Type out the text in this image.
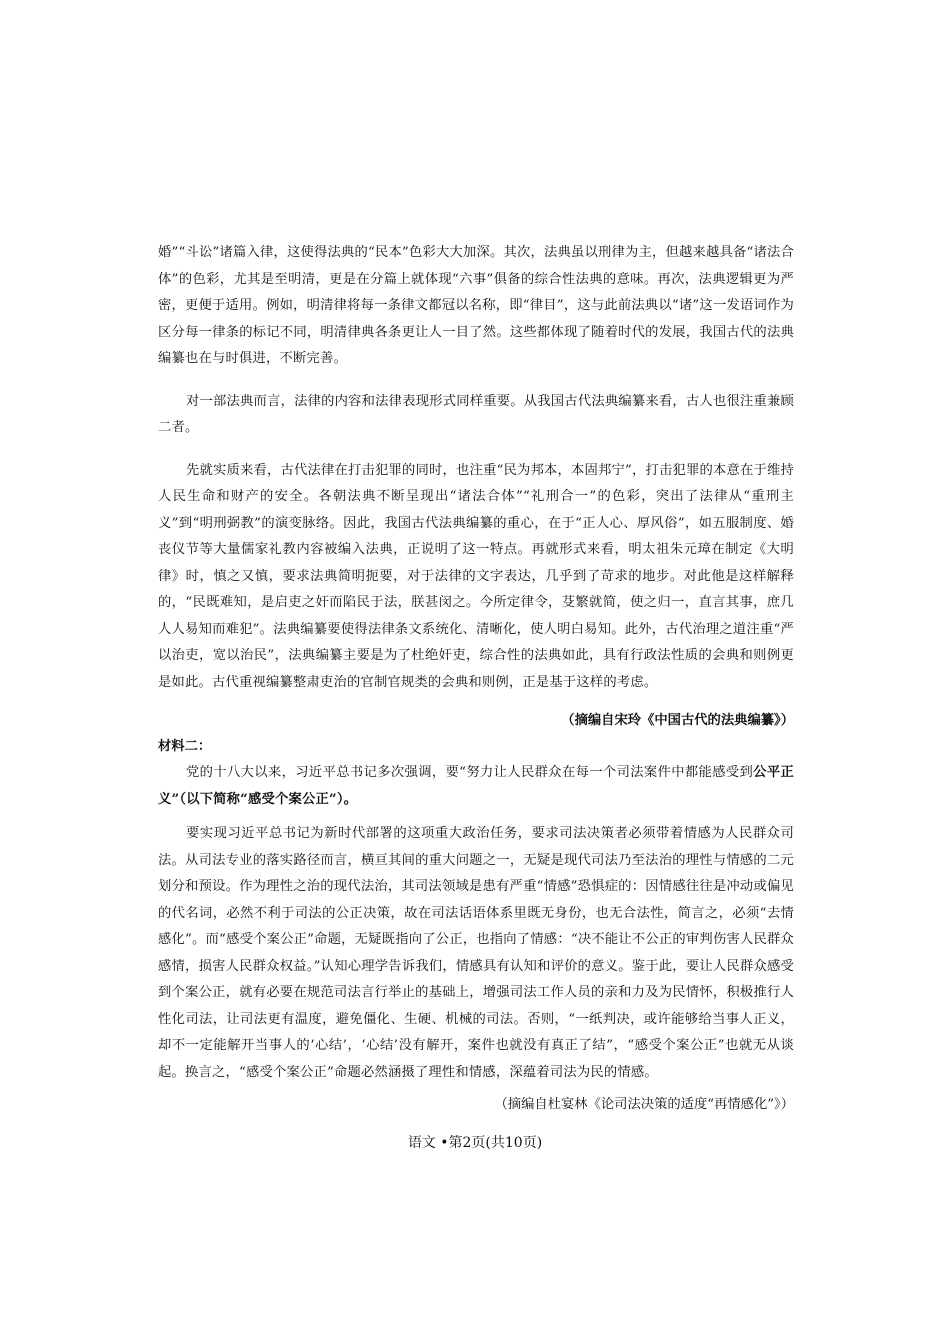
婚”“斗讼”诸篇入律，这使得法典的“民本”色彩大大加深。其次，法典虽以刑律为主，但越来越具备“诸法合体”的色彩，尤其是至明清，更是在分篇上就体现“六事”俱备的综合性法典的意味。再次，法典逻辑更为严密，更便于适用。例如，明清律将每一条律文都冠以名称，即“律目”，这与此前法典以“诸”这一发语词作为区分每一律条的标记不同，明清律典各条更让人一目了然。这些都体现了随着时代的发展，我国古代的法典编纂也在与时俱进，不断完善。

对一部法典而言，法律的内容和法律表现形式同样重要。从我国古代法典编纂来看，古人也很注重兼顾二者。

先就实质来看，古代法律在打击犯罪的同时，也注重“民为邦本，本固邦宁”，打击犯罪的本意在于维持人民生命和财产的安全。各朝法典不断呈现出“诸法合体”“礼刑合一”的色彩，突出了法律从“重刑主义”到“明刑弼教”的演变脉络。因此，我国古代法典编纂的重心，在于“正人心、厚风俗”，如五服制度、婚丧仪节等大量儒家礼教内容被编入法典，正说明了这一特点。再就形式来看，明太祖朱元璋在制定《大明律》时，慎之又慎，要求法典简明扼要，对于法律的文字表达，几乎到了苛求的地步。对此他是这样解释的，“民既难知，是启吏之奸而陷民于法，朕甚闵之。今所定律令，芟繁就简，使之归一，直言其事，庶几人人易知而难犯”。法典编纂要使得法律条文系统化、清晰化，使人明白易知。此外，古代治理之道注重“严以治吏，宽以治民”，法典编纂主要是为了杜绝奸吏，综合性的法典如此，具有行政法性质的会典和则例更是如此。古代重视编纂整肃吏治的官制官规类的会典和则例，正是基于这样的考虑。

（摘编自宋玲《中国古代的法典编纂》）

材料二：

党的十八大以来，习近平总书记多次强调，要“努力让人民群众在每一个司法案件中都能感受到公平正义”（以下简称“感受个案公正”）。

要实现习近平总书记为新时代部署的这项重大政治任务，要求司法决策者必须带着情感为人民群众司法。从司法专业的落实路径而言，横亘其间的重大问题之一，无疑是现代司法乃至法治的理性与情感的二元划分和预设。作为理性之治的现代法治，其司法领域是患有严重“情感”恐惧症的：因情感往往是冲动或偏见的代名词，必然不利于司法的公正决策，故在司法话语体系里既无身份，也无合法性，简言之，必须“去情感化”。而“感受个案公正”命题，无疑既指向了公正，也指向了情感：“决不能让不公正的审判伤害人民群众感情，损害人民群众权益。”认知心理学告诉我们，情感具有认知和评价的意义。鉴于此，要让人民群众感受到个案公正，就有必要在规范司法言行举止的基础上，增强司法工作人员的亲和力及为民情怀，积极推行人性化司法，让司法更有温度，避免僵化、生硬、机械的司法。否则，“一纸判决，或许能够给当事人正义，却不一定能解开当事人的‘心结’，‘心结’没有解开，案件也就没有真正了结”，“感受个案公正”也就无从谈起。换言之，“感受个案公正”命题必然涵摄了理性和情感，深蕴着司法为民的情感。

（摘编自杜宴林《论司法决策的适度“再情感化”》）

语文 •第2页(共10页)
